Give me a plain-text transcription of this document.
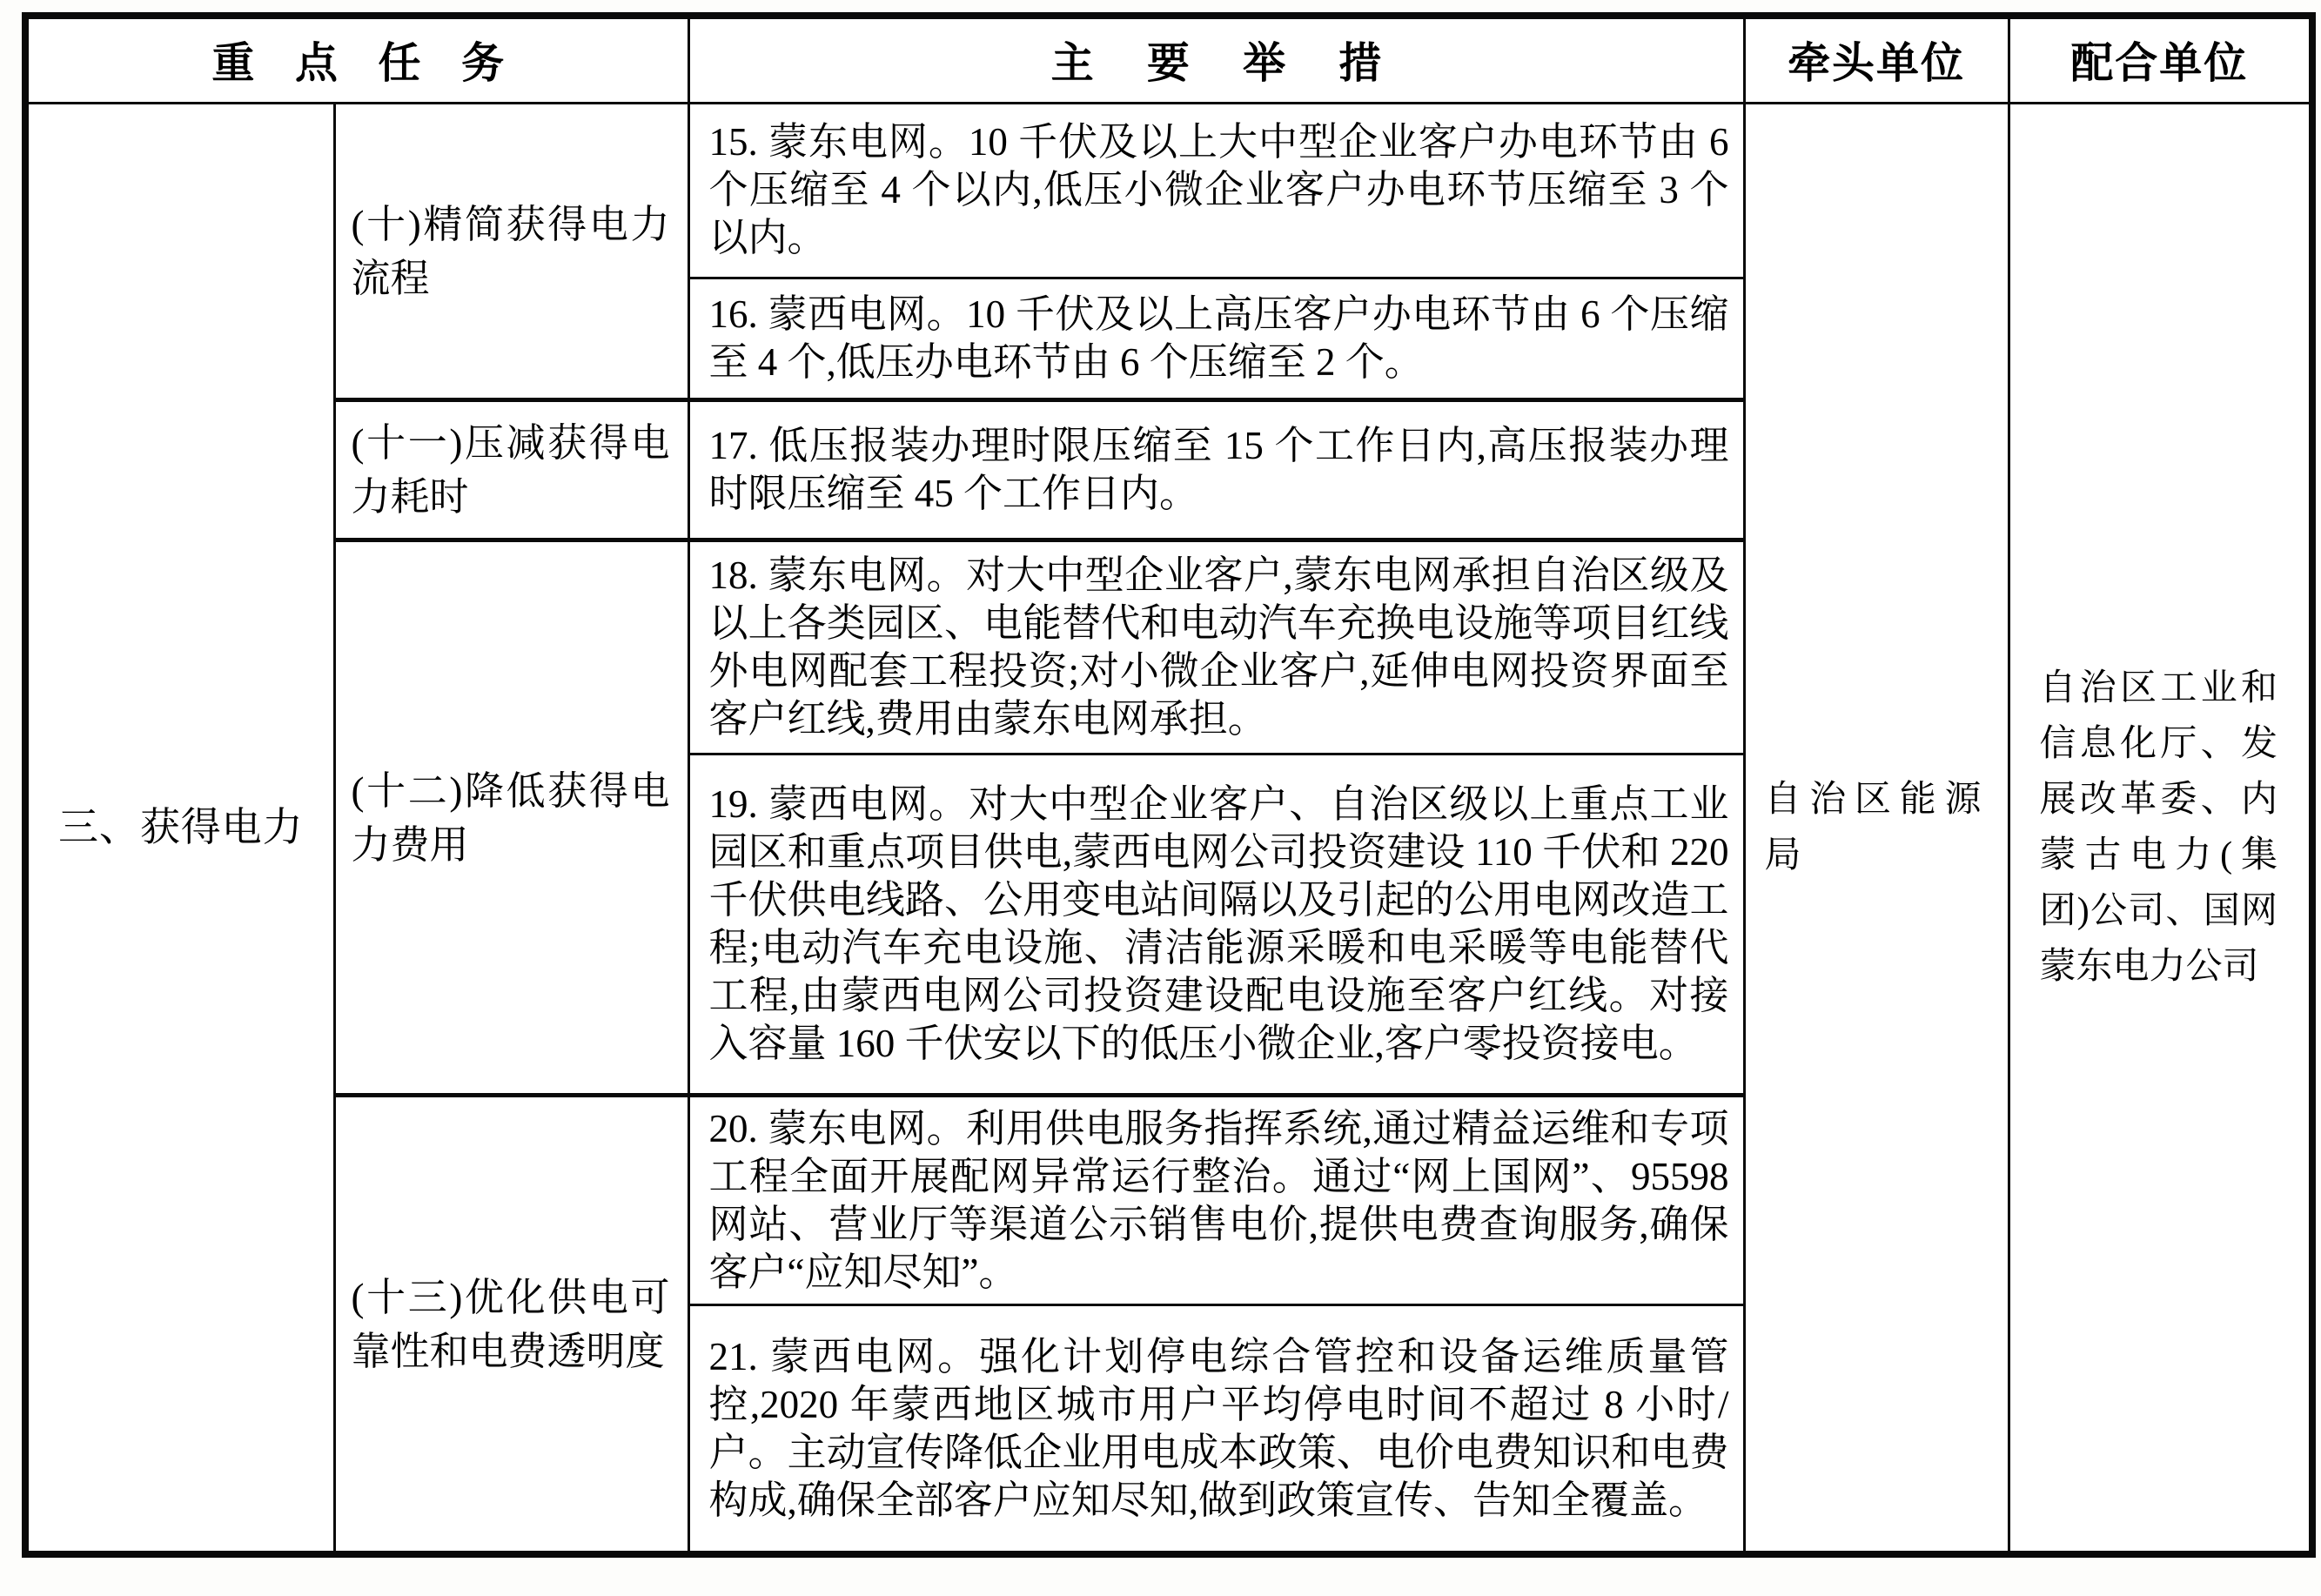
重点任务		主要举措	牵头单位	配合单位
三、获得电力	(十)精简获得电力流程	15. 蒙东电网。10 千伏及以上大中型企业客户办电环节由 6 个压缩至 4 个以内,低压小微企业客户办电环节压缩至 3 个以内。	自治区能源局	自治区工业和信息化厅、发展改革委、内蒙古电力(集团)公司、国网蒙东电力公司
		16. 蒙西电网。10 千伏及以上高压客户办电环节由 6 个压缩至 4 个,低压办电环节由 6 个压缩至 2 个。		
	(十一)压减获得电力耗时	17. 低压报装办理时限压缩至 15 个工作日内,高压报装办理时限压缩至 45 个工作日内。		
	(十二)降低获得电力费用	18. 蒙东电网。对大中型企业客户,蒙东电网承担自治区级及以上各类园区、电能替代和电动汽车充换电设施等项目红线外电网配套工程投资;对小微企业客户,延伸电网投资界面至客户红线,费用由蒙东电网承担。		
		19. 蒙西电网。对大中型企业客户、自治区级以上重点工业园区和重点项目供电,蒙西电网公司投资建设 110 千伏和 220 千伏供电线路、公用变电站间隔以及引起的公用电网改造工程;电动汽车充电设施、清洁能源采暖和电采暖等电能替代工程,由蒙西电网公司投资建设配电设施至客户红线。对接入容量 160 千伏安以下的低压小微企业,客户零投资接电。		
	(十三)优化供电可靠性和电费透明度	20. 蒙东电网。利用供电服务指挥系统,通过精益运维和专项工程全面开展配网异常运行整治。通过“网上国网”、95598 网站、营业厅等渠道公示销售电价,提供电费查询服务,确保客户“应知尽知”。		
		21. 蒙西电网。强化计划停电综合管控和设备运维质量管控,2020 年蒙西地区城市用户平均停电时间不超过 8 小时/户。主动宣传降低企业用电成本政策、电价电费知识和电费构成,确保全部客户应知尽知,做到政策宣传、告知全覆盖。		
